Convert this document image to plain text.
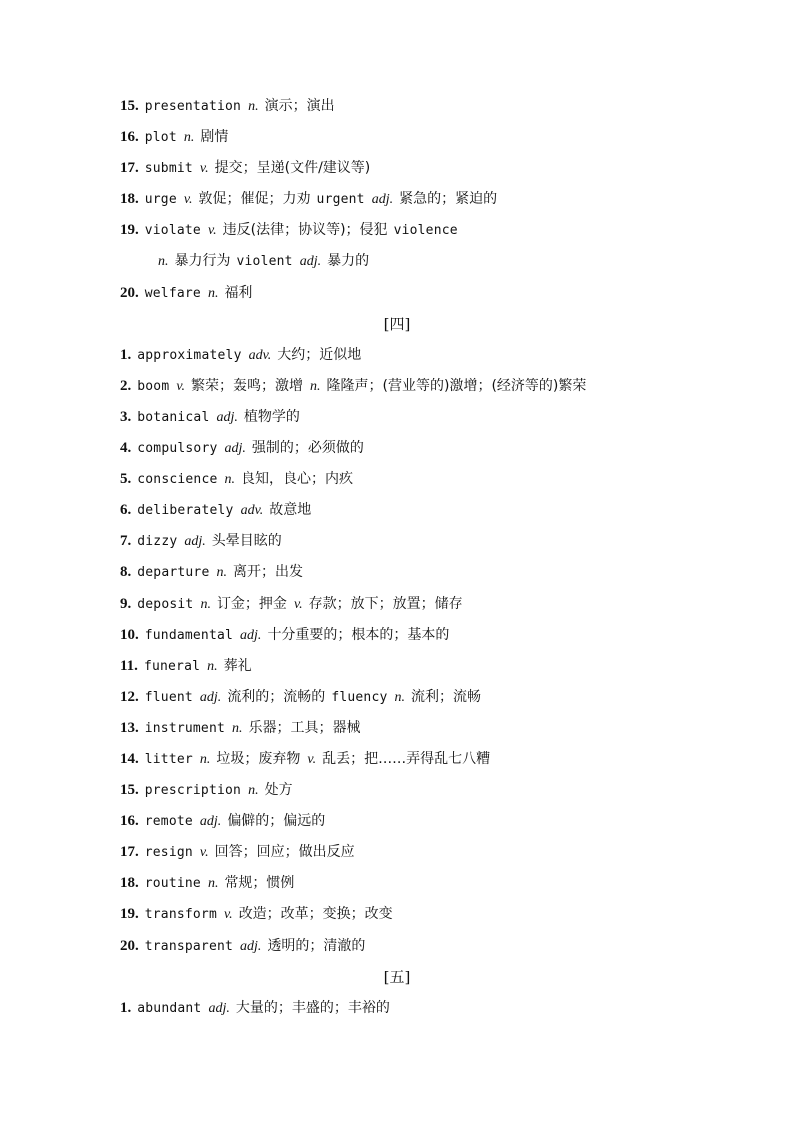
15. presentation n. 演示；演出
16. plot n. 剧情
17. submit v. 提交；呈递(文件/建议等)
18. urge v. 敦促；催促；力劝 urgent adj. 紧急的；紧迫的
19. violate v. 违反(法律；协议等)；侵犯 violence
n. 暴力行为 violent adj. 暴力的
20. welfare n. 福利
[四]
1. approximately adv. 大约；近似地
2. boom v. 繁荣；轰鸣；激增 n. 隆隆声；(营业等的)激增；(经济等的)繁荣
3. botanical adj. 植物学的
4. compulsory adj. 强制的；必须做的
5. conscience n. 良知，良心；内疚
6. deliberately adv. 故意地
7. dizzy adj. 头晕目眩的
8. departure n. 离开；出发
9. deposit n. 订金；押金 v. 存款；放下；放置；储存
10. fundamental adj. 十分重要的；根本的；基本的
11. funeral n. 葬礼
12. fluent adj. 流利的；流畅的 fluency n. 流利；流畅
13. instrument n. 乐器；工具；器械
14. litter n. 垃圾；废弃物 v. 乱丢；把……弄得乱七八糟
15. prescription n. 处方
16. remote adj. 偏僻的；偏远的
17. resign v. 回答；回应；做出反应
18. routine n. 常规；惯例
19. transform v. 改造；改革；变换；改变
20. transparent adj. 透明的；清澈的
[五]
1. abundant adj. 大量的；丰盛的；丰裕的
